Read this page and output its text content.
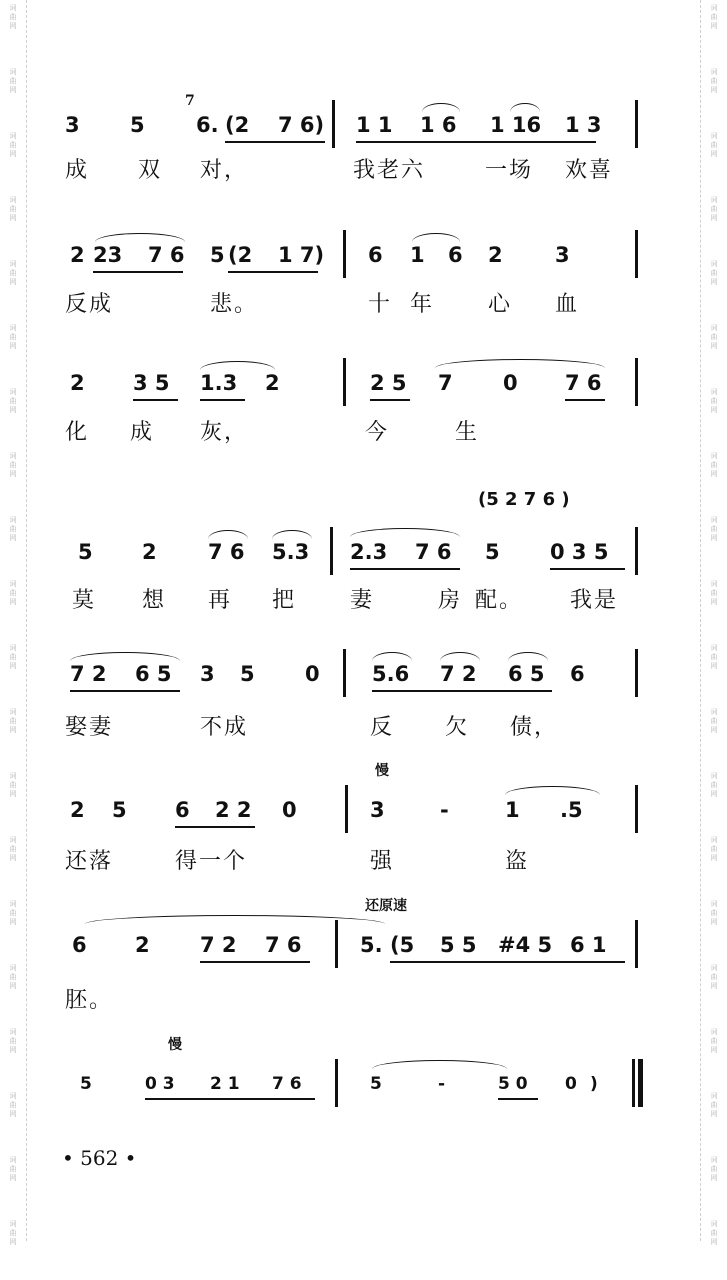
词
曲
网
词
曲
网
词
曲
网
词
曲
网
词
曲
网
词
曲
网
词
曲
网
词
曲
网
词
曲
网
词
曲
网
词
曲
网
词
曲
网
词
曲
网
词
曲
网
词
曲
网
词
曲
网
词
曲
网
词
曲
网
词
曲
网
词
曲
网
词
曲
网
词
曲
网
词
曲
网
词
曲
网
词
曲
网
词
曲
网
词
曲
网
词
曲
网
词
曲
网
词
曲
网
词
曲
网
词
曲
网
词
曲
网
词
曲
网
词
曲
网
词
曲
网
词
曲
网
词
曲
网
词
曲
网
词
曲
网
3 5
7
6. (2 7 6) 1 1 1 6 1 16 1 3
成 双 对，	我老六	一场 欢喜
2 23 7 6 5 (2 1 7) 6 1 6 2 3
反成	悲。	十 年 心 血
2 3 5 1.3 2	2 5 7 0 7 6
化 成 灰，	今	生
(5 2 7 6 )
5 2 7 6 5.3 2.3 7 6 5 0 3 5
莫 想 再 把 妻	房 配。 我是
7 2 6 5 3 5 0 5.6 7 2 6 5 6
娶妻	不成	反 欠 债，
慢
2 5 6 2 2 0	3	-	1 .5
还落	得一个	强	盗
还原速
6 2 7 2 7 6	5. (5 5 5 #4 5 6 1
胚。
慢
5	0 3 2 1 7 6	5	-	5 0 0 )
• 562 •
